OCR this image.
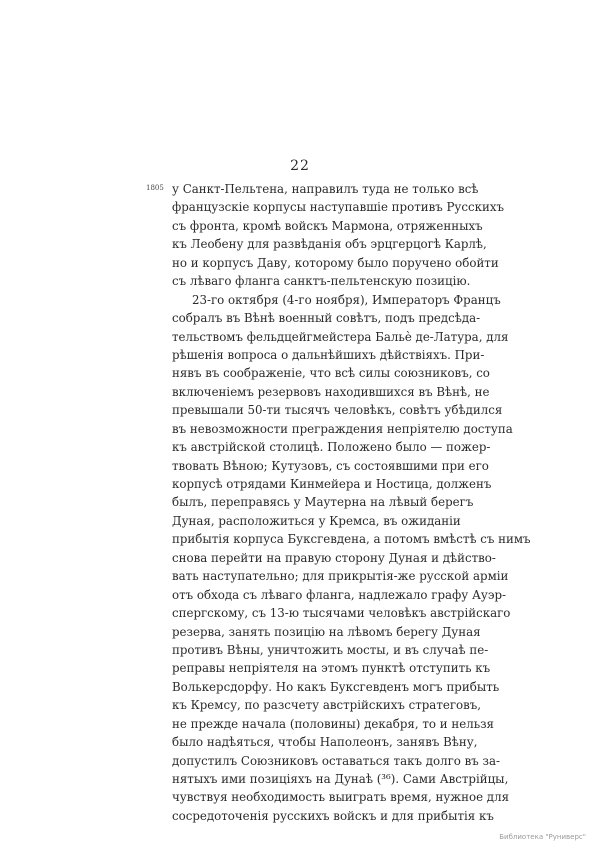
22
1805 у Санкт-Пельтена, направилъ туда не только всѣ
французскіе корпусы наступавшіе противъ Русскихъ
съ фронта, кромѣ войскъ Мармона, отряженныхъ
къ Леобену для развѣданія объ эрцгерцогѣ Карлѣ,
но и корпусъ Даву, которому было поручено обойти
съ лѣваго фланга санктъ-пельтенскую позицію.
23-го октября (4-го ноября), Императоръ Францъ
собралъ въ Вѣнѣ военный совѣтъ, подъ предсѣда-
тельствомъ фельдцейгмейстера Бальѐ де-Латура, для
рѣшенія вопроса о дальнѣйшихъ дѣйствіяхъ. При-
нявъ въ соображеніе, что всѣ силы союзниковъ, со
включеніемъ резервовъ находившихся въ Вѣнѣ, не
превышали 50-ти тысячъ человѣкъ, совѣтъ убѣдился
въ невозможности преграждения непріятелю доступа
къ австрійской столицѣ. Положено было — пожер-
твовать Вѣною; Кутузовъ, съ состоявшими при его
корпусѣ отрядами Кинмейера и Ностица, долженъ
былъ, переправясь у Маутерна на лѣвый берегъ
Дуная, расположиться у Кремса, въ ожиданіи
прибытія корпуса Буксгевдена, а потомъ вмѣстѣ съ нимъ
снова перейти на правую сторону Дуная и дѣйство-
вать наступательно; для прикрытія-же русской арміи
отъ обхода съ лѣваго фланга, надлежало графу Ауэр-
спергскому, съ 13-ю тысячами человѣкъ австрійскаго
резерва, занять позицію на лѣвомъ берегу Дуная
противъ Вѣны, уничтожить мосты, и въ случаѣ пе-
реправы непріятеля на этомъ пунктѣ отступить къ
Волькерсдорфу. Но какъ Буксгевденъ могъ прибыть
къ Кремсу, по разсчету австрійскихъ стратеговъ,
не прежде начала (половины) декабря, то и нельзя
было надѣяться, чтобы Наполеонъ, занявъ Вѣну,
допустилъ Союзниковъ оставаться такъ долго въ за-
нятыхъ ими позиціяхъ на Дунаѣ (³⁶). Сами Австрійцы,
чувствуя необходимость выиграть время, нужное для
сосредоточенія русскихъ войскъ и для прибытія къ
Библиотека "Руниверс"
